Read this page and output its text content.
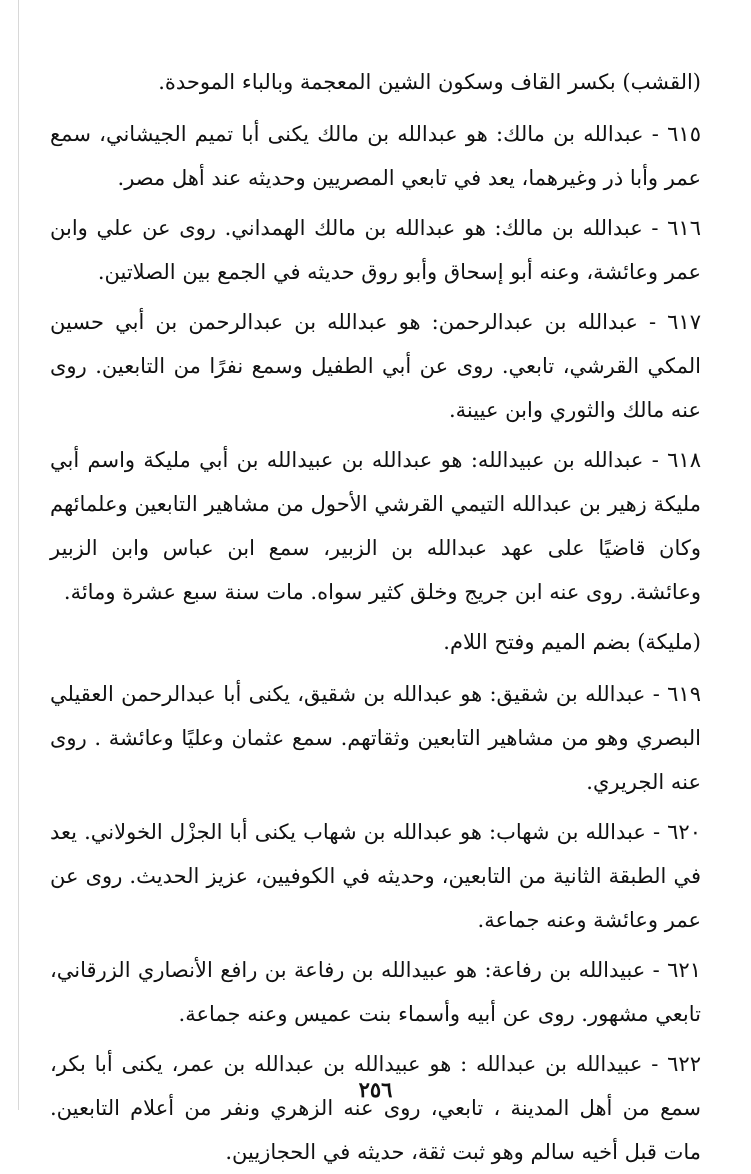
(القشب) بكسر القاف وسكون الشين المعجمة وبالباء الموحدة.

٦١٥ - عبدالله بن مالك: هو عبدالله بن مالك يكنى أبا تميم الجيشاني، سمع عمر وأبا ذر وغيرهما، يعد في تابعي المصريين وحديثه عند أهل مصر.

٦١٦ - عبدالله بن مالك: هو عبدالله بن مالك الهمداني. روى عن علي وابن عمر وعائشة، وعنه أبو إسحاق وأبو روق حديثه في الجمع بين الصلاتين.

٦١٧ - عبدالله بن عبدالرحمن: هو عبدالله بن عبدالرحمن بن أبي حسين المكي القرشي، تابعي. روى عن أبي الطفيل وسمع نفرًا من التابعين. روى عنه مالك والثوري وابن عيينة.

٦١٨ - عبدالله بن عبيدالله: هو عبدالله بن عبيدالله بن أبي مليكة واسم أبي مليكة زهير بن عبدالله التيمي القرشي الأحول من مشاهير التابعين وعلمائهم وكان قاضيًا على عهد عبدالله بن الزبير، سمع ابن عباس وابن الزبير وعائشة. روى عنه ابن جريج وخلق كثير سواه. مات سنة سبع عشرة ومائة.

(مليكة) بضم الميم وفتح اللام.

٦١٩ - عبدالله بن شقيق: هو عبدالله بن شقيق، يكنى أبا عبدالرحمن العقيلي البصري وهو من مشاهير التابعين وثقاتهم. سمع عثمان وعليًا وعائشة . روى عنه الجريري.

٦٢٠ - عبدالله بن شهاب: هو عبدالله بن شهاب يكنى أبا الجزْل الخولاني. يعد في الطبقة الثانية من التابعين، وحديثه في الكوفيين، عزيز الحديث. روى عن عمر وعائشة وعنه جماعة.

٦٢١ - عبيدالله بن رفاعة: هو عبيدالله بن رفاعة بن رافع الأنصاري الزرقاني، تابعي مشهور. روى عن أبيه وأسماء بنت عميس وعنه جماعة.

٦٢٢ - عبيدالله بن عبدالله : هو عبيدالله بن عبدالله بن عمر، يكنى أبا بكر، سمع من أهل المدينة ، تابعي، روى عنه الزهري ونفر من أعلام التابعين. مات قبل أخيه سالم وهو ثبت ثقة، حديثه في الحجازيين.

٢٥٦
